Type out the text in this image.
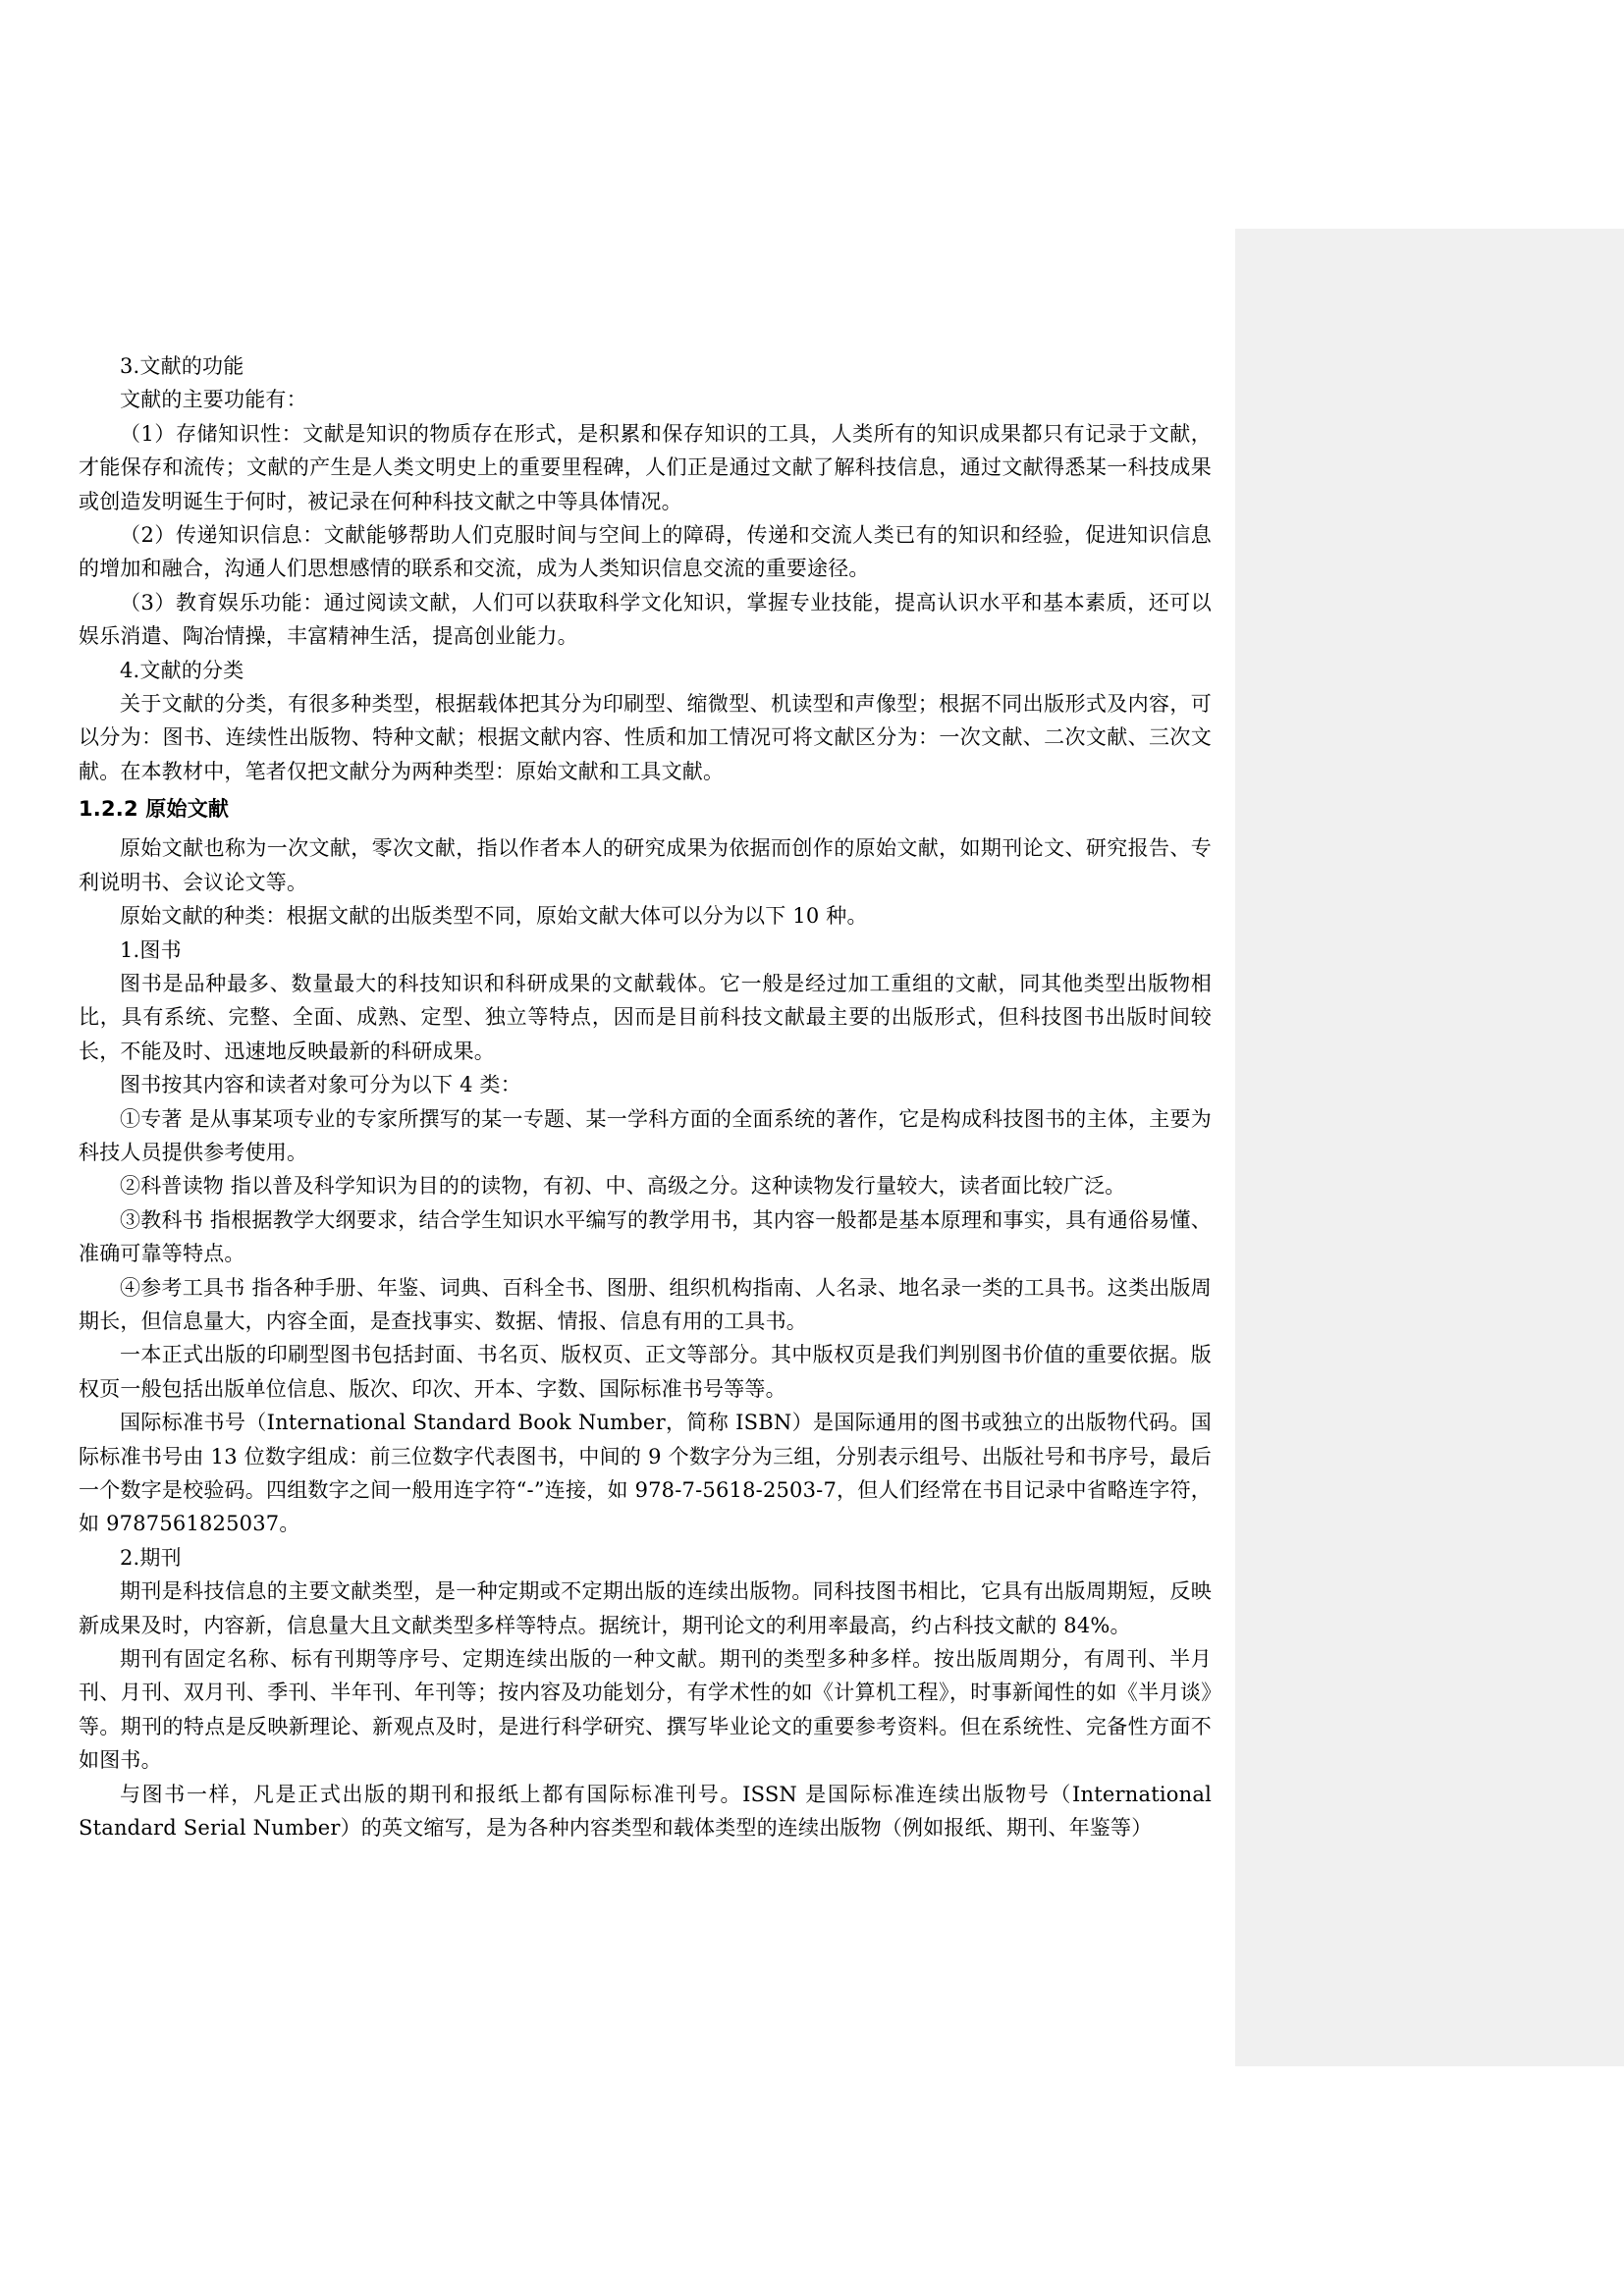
3.文献的功能

文献的主要功能有：

（1）存储知识性：文献是知识的物质存在形式，是积累和保存知识的工具，人类所有的知识成果都只有记录于文献，才能保存和流传；文献的产生是人类文明史上的重要里程碑，人们正是通过文献了解科技信息，通过文献得悉某一科技成果或创造发明诞生于何时，被记录在何种科技文献之中等具体情况。

（2）传递知识信息：文献能够帮助人们克服时间与空间上的障碍，传递和交流人类已有的知识和经验，促进知识信息的增加和融合，沟通人们思想感情的联系和交流，成为人类知识信息交流的重要途径。

（3）教育娱乐功能：通过阅读文献，人们可以获取科学文化知识，掌握专业技能，提高认识水平和基本素质，还可以娱乐消遣、陶冶情操，丰富精神生活，提高创业能力。

4.文献的分类

关于文献的分类，有很多种类型，根据载体把其分为印刷型、缩微型、机读型和声像型；根据不同出版形式及内容，可以分为：图书、连续性出版物、特种文献；根据文献内容、性质和加工情况可将文献区分为：一次文献、二次文献、三次文献。在本教材中，笔者仅把文献分为两种类型：原始文献和工具文献。

1.2.2 原始文献

原始文献也称为一次文献，零次文献，指以作者本人的研究成果为依据而创作的原始文献，如期刊论文、研究报告、专利说明书、会议论文等。

原始文献的种类：根据文献的出版类型不同，原始文献大体可以分为以下 10 种。

1.图书

图书是品种最多、数量最大的科技知识和科研成果的文献载体。它一般是经过加工重组的文献，同其他类型出版物相比，具有系统、完整、全面、成熟、定型、独立等特点，因而是目前科技文献最主要的出版形式，但科技图书出版时间较长，不能及时、迅速地反映最新的科研成果。

图书按其内容和读者对象可分为以下 4 类：

①专著 是从事某项专业的专家所撰写的某一专题、某一学科方面的全面系统的著作，它是构成科技图书的主体，主要为科技人员提供参考使用。

②科普读物 指以普及科学知识为目的的读物，有初、中、高级之分。这种读物发行量较大，读者面比较广泛。

③教科书 指根据教学大纲要求，结合学生知识水平编写的教学用书，其内容一般都是基本原理和事实，具有通俗易懂、准确可靠等特点。

④参考工具书 指各种手册、年鉴、词典、百科全书、图册、组织机构指南、人名录、地名录一类的工具书。这类出版周期长，但信息量大，内容全面，是查找事实、数据、情报、信息有用的工具书。

一本正式出版的印刷型图书包括封面、书名页、版权页、正文等部分。其中版权页是我们判别图书价值的重要依据。版权页一般包括出版单位信息、版次、印次、开本、字数、国际标准书号等等。

国际标准书号（International Standard Book Number，简称 ISBN）是国际通用的图书或独立的出版物代码。国际标准书号由 13 位数字组成：前三位数字代表图书，中间的 9 个数字分为三组，分别表示组号、出版社号和书序号，最后一个数字是校验码。四组数字之间一般用连字符“-”连接，如 978-7-5618-2503-7，但人们经常在书目记录中省略连字符，如 9787561825037。

2.期刊

期刊是科技信息的主要文献类型，是一种定期或不定期出版的连续出版物。同科技图书相比，它具有出版周期短，反映新成果及时，内容新，信息量大且文献类型多样等特点。据统计，期刊论文的利用率最高，约占科技文献的 84%。

期刊有固定名称、标有刊期等序号、定期连续出版的一种文献。期刊的类型多种多样。按出版周期分，有周刊、半月刊、月刊、双月刊、季刊、半年刊、年刊等；按内容及功能划分，有学术性的如《计算机工程》，时事新闻性的如《半月谈》等。期刊的特点是反映新理论、新观点及时，是进行科学研究、撰写毕业论文的重要参考资料。但在系统性、完备性方面不如图书。

与图书一样，凡是正式出版的期刊和报纸上都有国际标准刊号。ISSN 是国际标准连续出版物号（International Standard Serial Number）的英文缩写，是为各种内容类型和载体类型的连续出版物（例如报纸、期刊、年鉴等）
